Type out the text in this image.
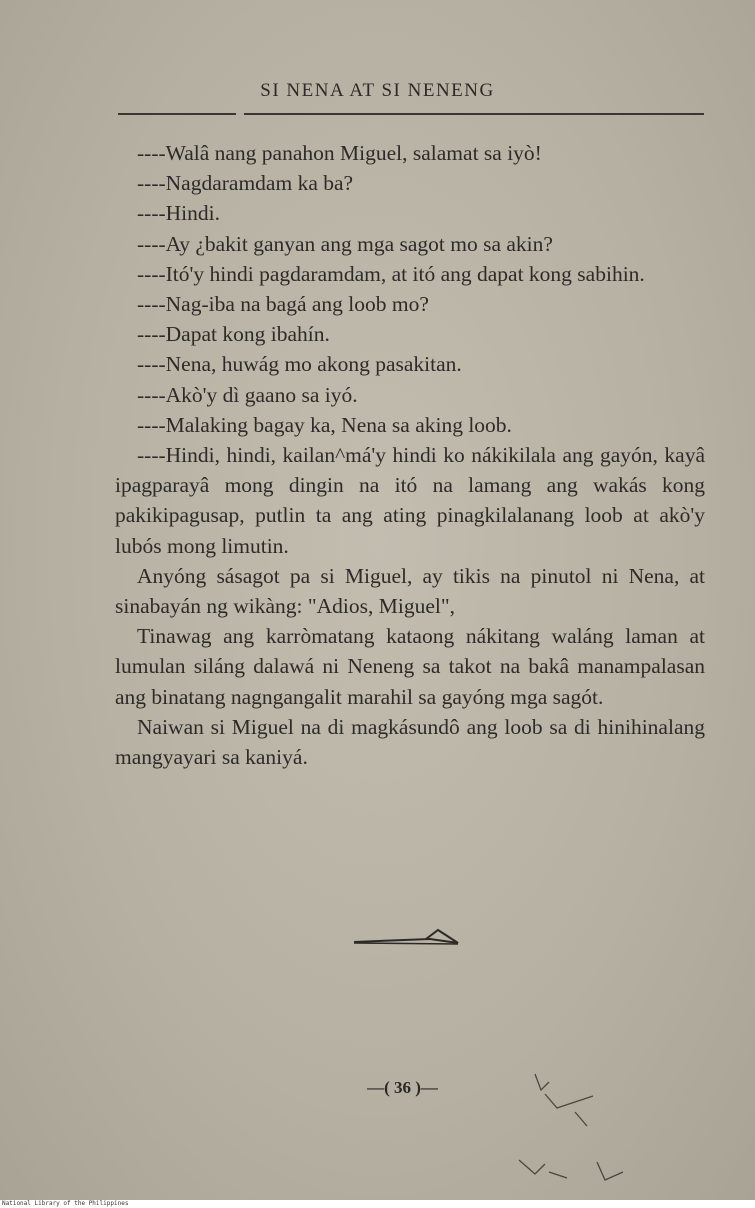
SI NENA AT SI NENENG

----Walâ nang panahon Miguel, salamat sa iyò!

----Nagdaramdam ka ba?

----Hindi.

----Ay ¿bakit ganyan ang mga sagot mo sa akin?

----Itó'y hindi pagdaramdam, at itó ang dapat kong sabihin.

----Nag-iba na bagá ang loob mo?

----Dapat kong ibahín.

----Nena, huwág mo akong pasakitan.

----Akò'y dì gaano sa iyó.

----Malaking bagay ka, Nena sa aking loob.

----Hindi, hindi, kailan^má'y hindi ko nákikilala ang gayón, kayâ ipagparayâ mong dingin na itó na lamang ang wakás kong pakikipagusap, putlin ta ang ating pinagkilalanang loob at akò'y lubós mong limutin.

Anyóng sásagot pa si Miguel, ay tikis na pinutol ni Nena, at sinabayán ng wikàng: "Adios, Miguel",

Tinawag ang karròmatang kataong nákitang waláng laman at lumulan siláng dalawá ni Neneng sa takot na bakâ manampalasan ang binatang nagngangalit marahil sa gayóng mga sagót.

Naiwan si Miguel na di magkásundô ang loob sa di hinihinalang mangyayari sa kaniyá.

—( 36 )—
National Library of the Philippines
